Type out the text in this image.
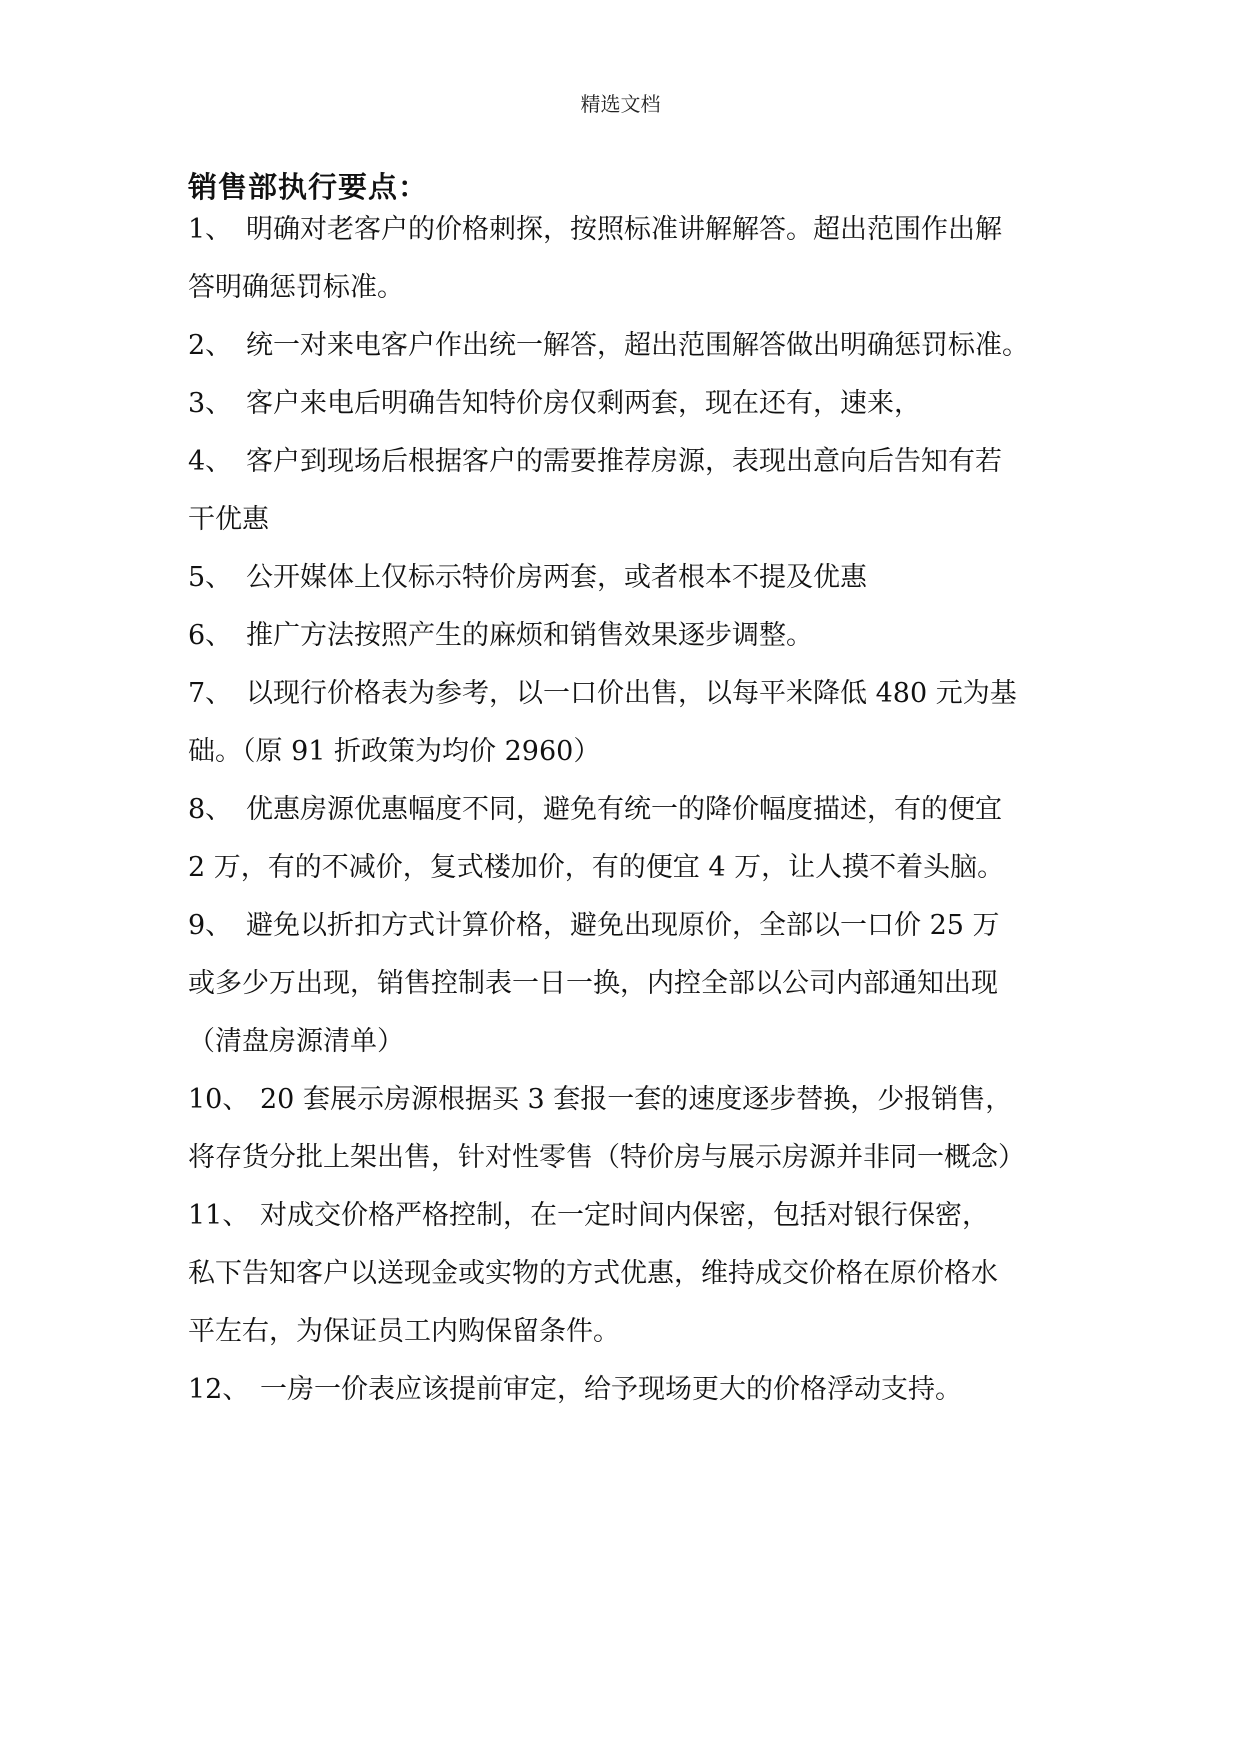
精选文档
销售部执行要点：
1、 明确对老客户的价格刺探，按照标准讲解解答。超出范围作出解
答明确惩罚标准。
2、 统一对来电客户作出统一解答，超出范围解答做出明确惩罚标准。
3、 客户来电后明确告知特价房仅剩两套，现在还有，速来，
4、 客户到现场后根据客户的需要推荐房源，表现出意向后告知有若
干优惠
5、 公开媒体上仅标示特价房两套，或者根本不提及优惠
6、 推广方法按照产生的麻烦和销售效果逐步调整。
7、 以现行价格表为参考，以一口价出售，以每平米降低 480 元为基
础。（原 91 折政策为均价 2960）
8、 优惠房源优惠幅度不同，避免有统一的降价幅度描述，有的便宜
2 万，有的不减价，复式楼加价，有的便宜 4 万，让人摸不着头脑。
9、 避免以折扣方式计算价格，避免出现原价，全部以一口价 25 万
或多少万出现，销售控制表一日一换，内控全部以公司内部通知出现
（清盘房源清单）
10、 20 套展示房源根据买 3 套报一套的速度逐步替换，少报销售，
将存货分批上架出售，针对性零售（特价房与展示房源并非同一概念）
11、 对成交价格严格控制，在一定时间内保密，包括对银行保密，
私下告知客户以送现金或实物的方式优惠，维持成交价格在原价格水
平左右，为保证员工内购保留条件。
12、 一房一价表应该提前审定，给予现场更大的价格浮动支持。
